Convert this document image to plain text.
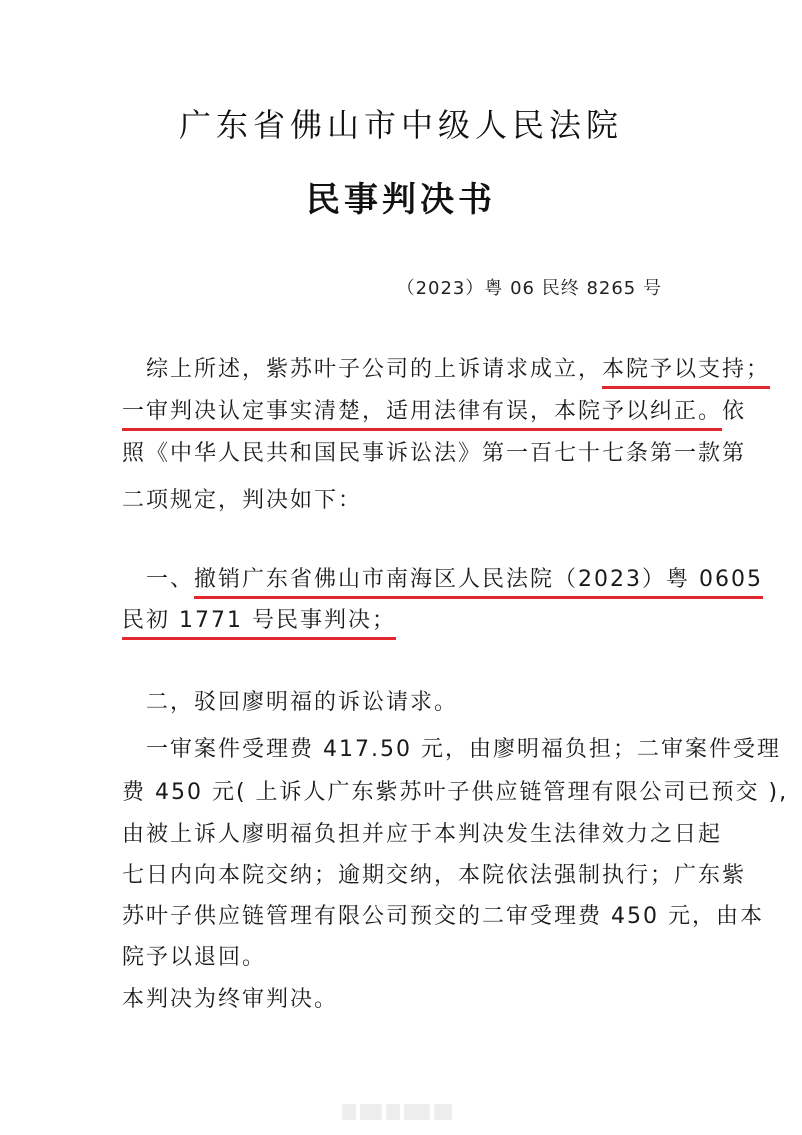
广东省佛山市中级人民法院
民事判决书
（2023）粤 06 民终 8265 号
综上所述，紫苏叶子公司的上诉请求成立，本院予以支持；
一审判决认定事实清楚，适用法律有误，本院予以纠正。依
照《中华人民共和国民事诉讼法》第一百七十七条第一款第
二项规定，判决如下：
一、撤销广东省佛山市南海区人民法院（2023）粤 0605
民初 1771 号民事判决；
二，驳回廖明福的诉讼请求。
一审案件受理费 417.50 元，由廖明福负担；二审案件受理
费 450 元( 上诉人广东紫苏叶子供应链管理有限公司已预交 ),
由被上诉人廖明福负担并应于本判决发生法律效力之日起
七日内向本院交纳；逾期交纳，本院依法强制执行；广东紫
苏叶子供应链管理有限公司预交的二审受理费 450 元，由本
院予以退回。
本判决为终审判决。
